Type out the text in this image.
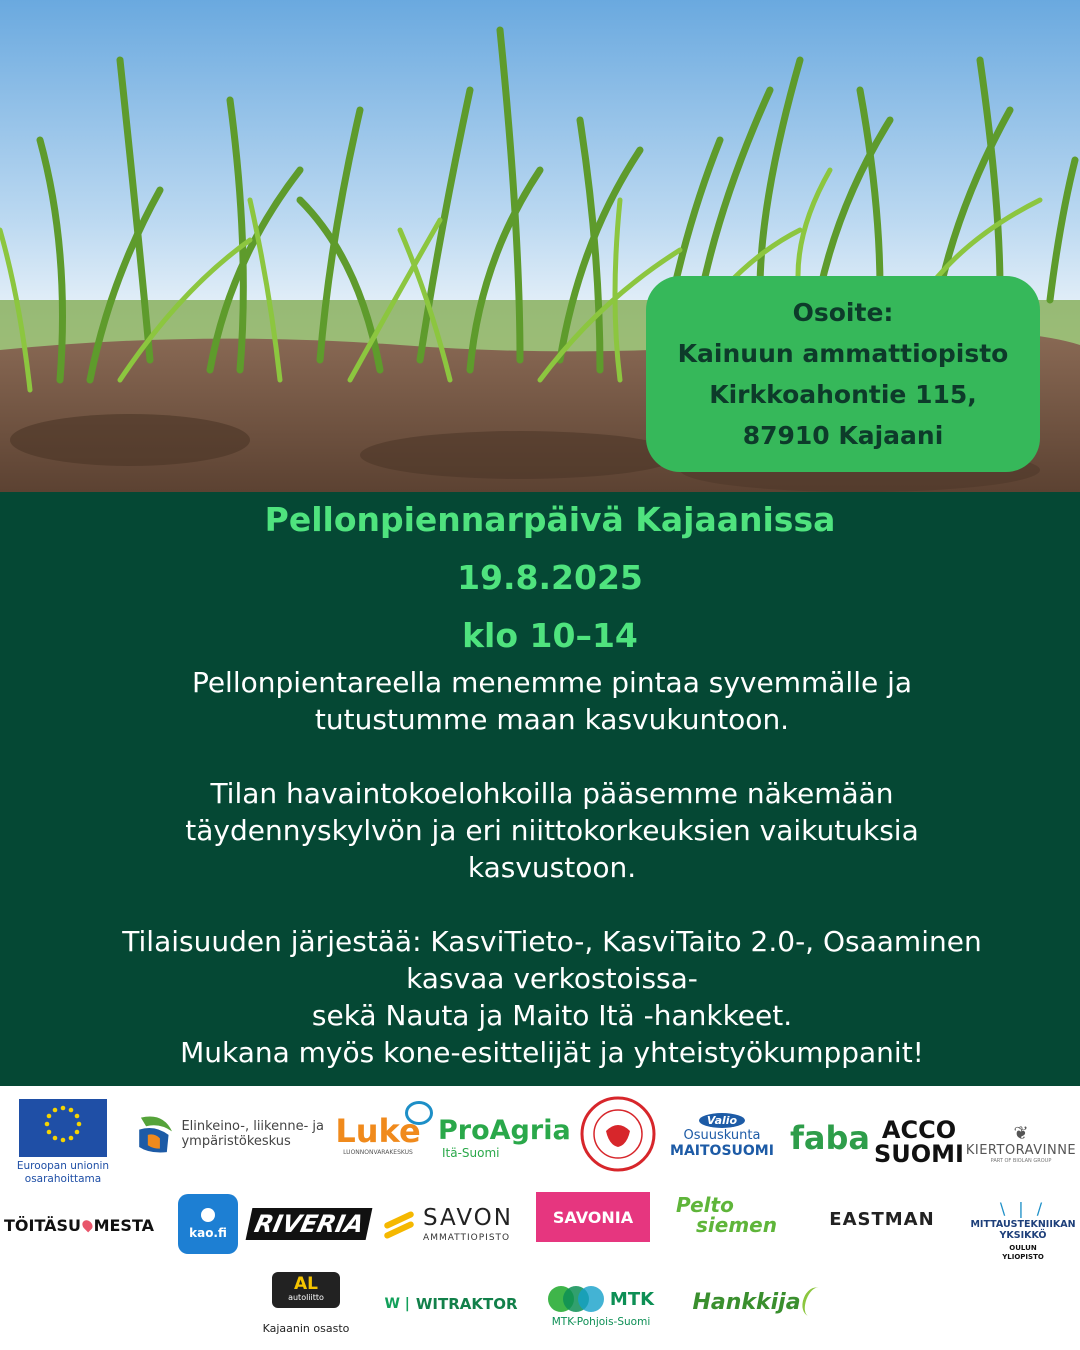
Osoite:
Kainuun ammattiopisto
Kirkkoahontie 115,
87910 Kajaani
Pellonpiennarpäivä Kajaanissa
19.8.2025
klo 10–14
Pellonpientareella menemme pintaa syvemmälle ja
tutustumme maan kasvukuntoon.
Tilan havaintokoelohkoilla pääsemme näkemään
täydennyskylvön ja eri niittokorkeuksien vaikutuksia
kasvustoon.
Tilaisuuden järjestää: KasviTieto-, KasviTaito 2.0-, Osaaminen
kasvaa verkostoissa-
sekä Nauta ja Maito Itä -hankkeet.
Mukana myös kone-esittelijät ja yhteistyökumppanit!
Euroopan unionin
osarahoittama
Elinkeino-, liikenne- ja
ympäristökeskus	Luke
LUONNONVARAKESKUS
ProAgria
Itä-Suomi
Valio
Osuuskunta
MAITOSUOMI faba ACCO
SUOMI
❦
KIERTORAVINNE
PART OF BIOLAN GROUP
TÖITÄSU MESTA	kao.fi RIVERIA SAVON
AMMATTIOPISTO
SAVONIA Pelto
siemen	EASTMAN
\ | /
MITTAUSTEKNIIKAN
YKSIKKÖ
OULUN
YLIOPISTO
AL
autoliitto
Kajaanin osasto
W | WITRAKTOR	MTK
MTK-Pohjois-Suomi
Hankkija
